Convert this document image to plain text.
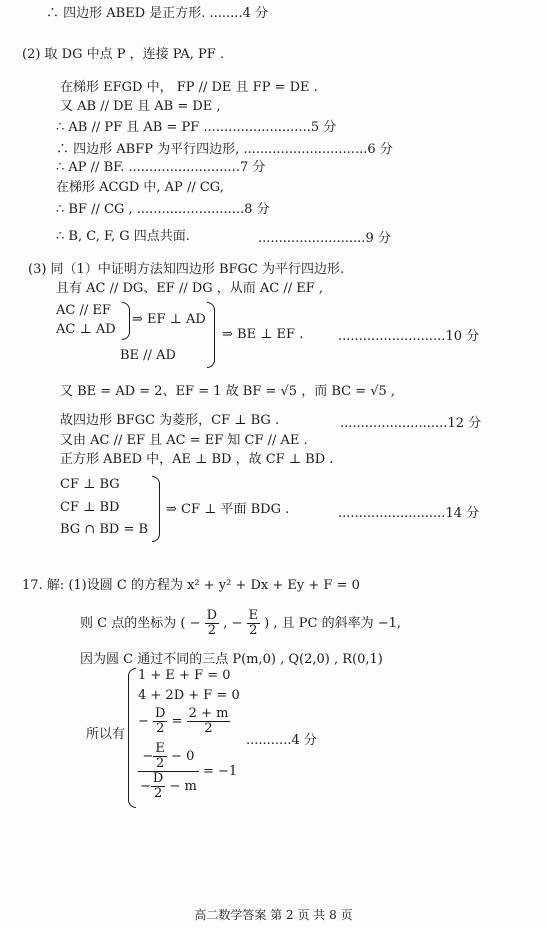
∴ 四边形 ABED 是正方形. ........4 分
(2) 取 DG 中点 P ，连接 PA, PF .
在梯形 EFGD 中， FP // DE 且 FP = DE .
又 AB // DE 且 AB = DE ,
∴ AB // PF 且 AB = PF ..........................5 分
∴ 四边形 ABFP 为平行四边形, ..............................6 分
∴ AP // BF. ...........................7 分
在梯形 ACGD 中, AP // CG,
∴ BF // CG , ..........................8 分
∴ B, C, F, G 四点共面.	..........................9 分
(3) 同（1）中证明方法知四边形 BFGC 为平行四边形.
且有 AC // DG、EF // DG ，从而 AC // EF ,
AC // EF
AC ⊥ AD
⇒ EF ⊥ AD
BE // AD
⇒ BE ⊥ EF .	..........................10 分
又 BE = AD = 2、EF = 1 故 BF = √5 ，而 BC = √5 ,
故四边形 BFGC 为菱形，CF ⊥ BG .	..........................12 分
又由 AC // EF 且 AC = EF 知 CF // AE .
正方形 ABED 中，AE ⊥ BD ，故 CF ⊥ BD .
CF ⊥ BG
CF ⊥ BD
BG ∩ BD = B
⇒ CF ⊥ 平面 BDG .	..........................14 分
17. 解: (1)设圆 C 的方程为 x² + y² + Dx + Ey + F = 0
则 C 点的坐标为 ( − $\frac{D}{2}$ , − $\frac{E}{2}$ ) , 且 PC 的斜率为 −1,
因为圆 C 通过不同的三点 P(m,0) , Q(2,0) , R(0,1)
所以有
1 + E + F = 0
4 + 2D + F = 0
− $\frac{D}{2} = \frac{2 + m}{2}$
$\frac{- \frac{E}{2} - 0}{- \frac{D}{2} - m} = -1$
...........4 分
高二数学答案 第 2 页 共 8 页
